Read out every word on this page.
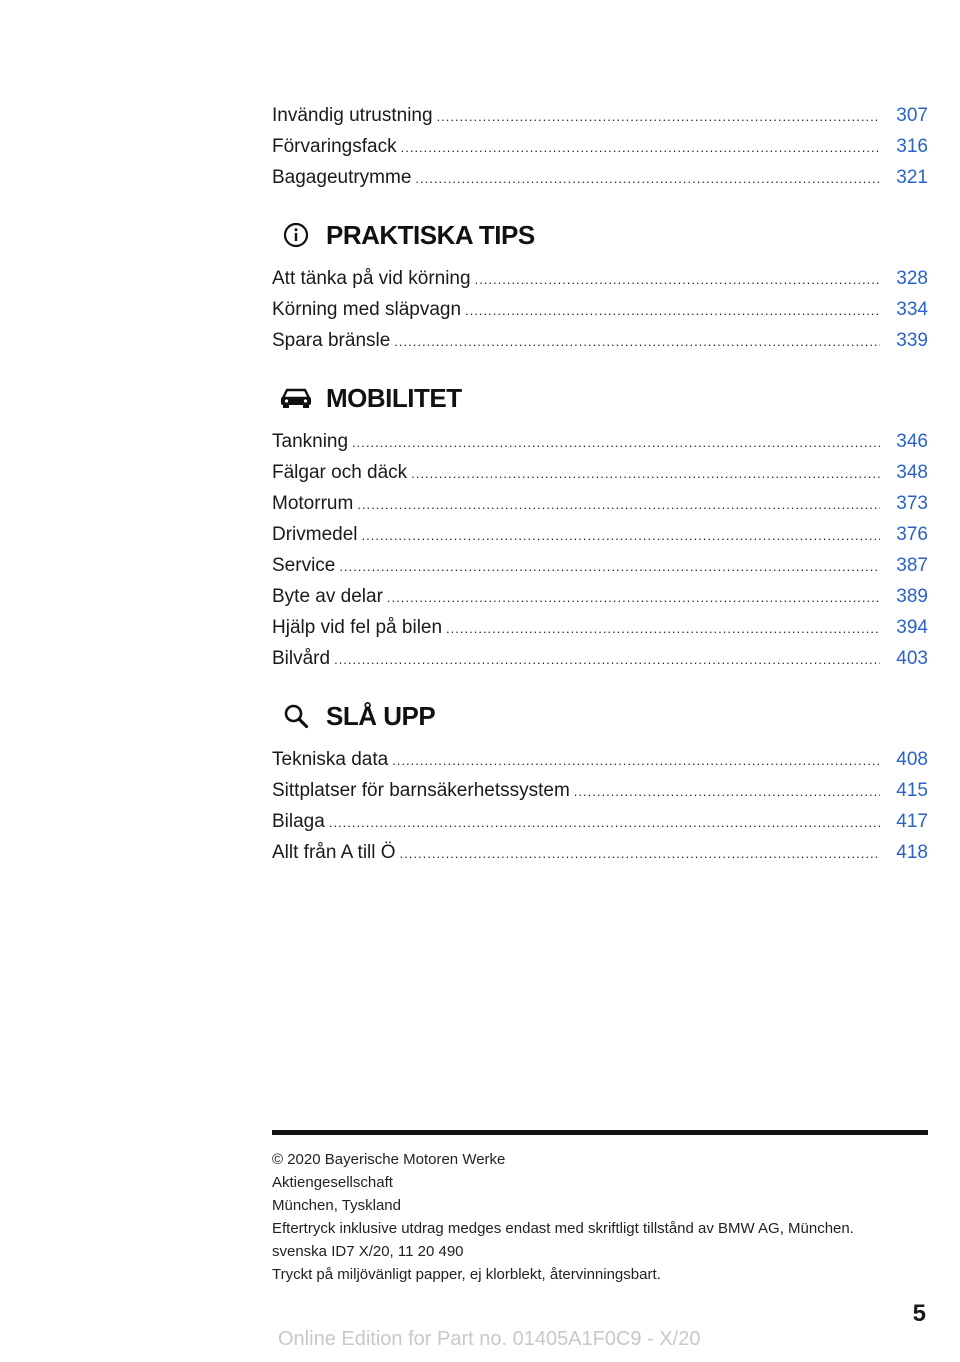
Invändig utrustning .....	307
Förvaringsfack .....	316
Bagageutrymme .....	321
PRAKTISKA TIPS
Att tänka på vid körning .....	328
Körning med släpvagn .....	334
Spara bränsle .....	339
MOBILITET
Tankning .....	346
Fälgar och däck .....	348
Motorrum .....	373
Drivmedel .....	376
Service .....	387
Byte av delar .....	389
Hjälp vid fel på bilen .....	394
Bilvård .....	403
SLÅ UPP
Tekniska data .....	408
Sittplatser för barnsäkerhetssystem .....	415
Bilaga .....	417
Allt från A till Ö .....	418
© 2020 Bayerische Motoren Werke
Aktiengesellschaft
München, Tyskland
Eftertryck inklusive utdrag medges endast med skriftligt tillstånd av BMW AG, München.
svenska ID7 X/20, 11 20 490
Tryckt på miljövänligt papper, ej klorblekt, återvinningsbart.
5
Online Edition for Part no. 01405A1F0C9 - X/20
